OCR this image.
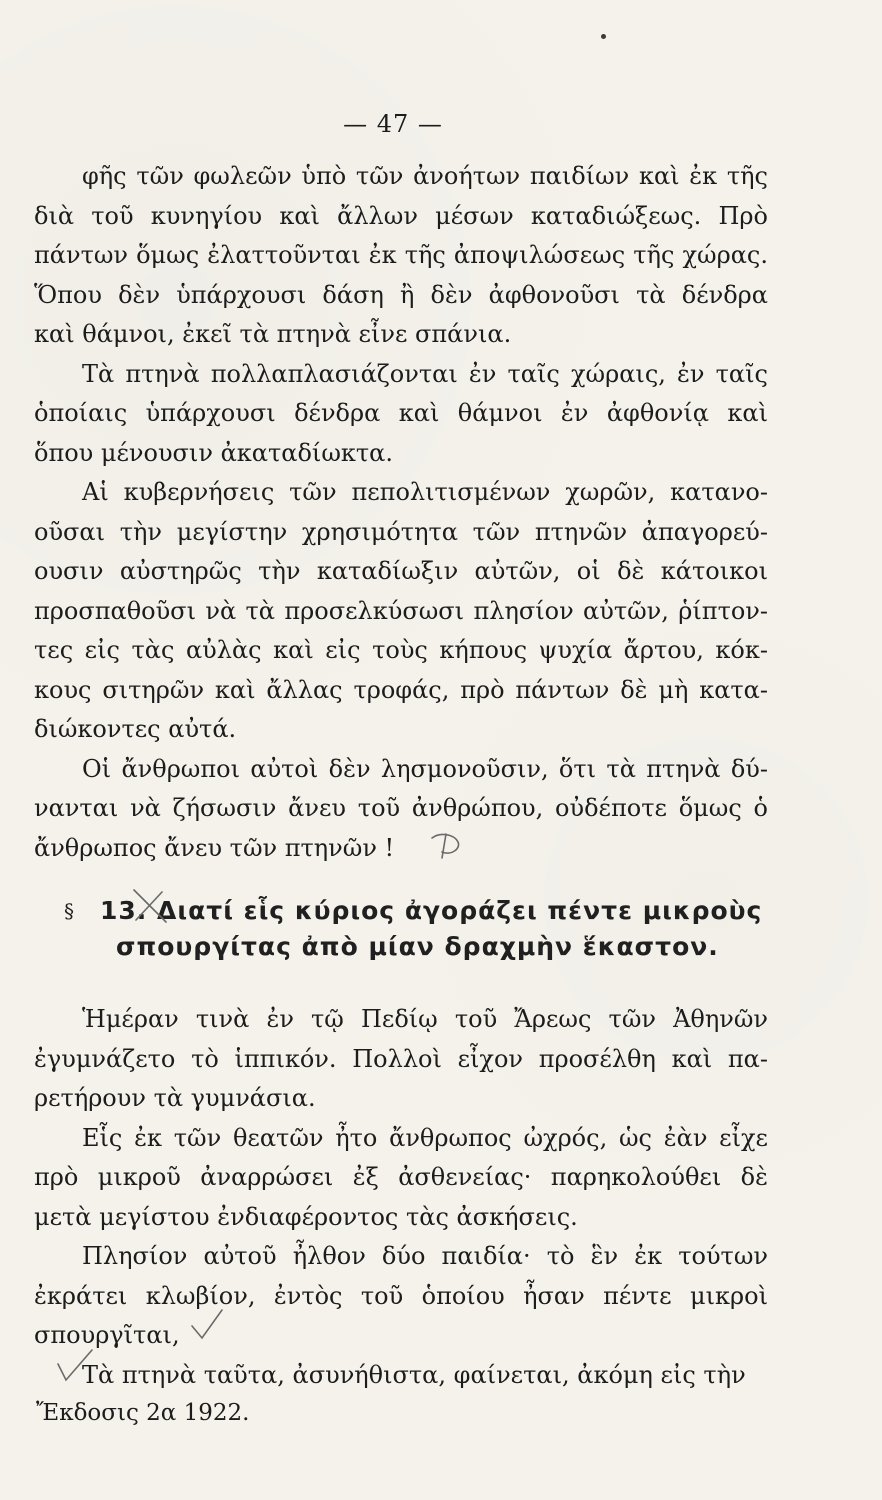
— 47 —
φῆς τῶν φωλεῶν ὑπὸ τῶν ἀνοήτων παιδίων καὶ ἐκ τῆς
διὰ τοῦ κυνηγίου καὶ ἄλλων μέσων καταδιώξεως. Πρὸ
πάντων ὅμως ἐλαττοῦνται ἐκ τῆς ἀποψιλώσεως τῆς χώρας.
Ὅπου δὲν ὑπάρχουσι δάση ἢ δὲν ἀφθονοῦσι τὰ δένδρα
καὶ θάμνοι, ἐκεῖ τὰ πτηνὰ εἶνε σπάνια.
Τὰ πτηνὰ πολλαπλασιάζονται ἐν ταῖς χώραις, ἐν ταῖς
ὁποίαις ὑπάρχουσι δένδρα καὶ θάμνοι ἐν ἀφθονίᾳ καὶ
ὅπου μένουσιν ἀκαταδίωκτα.
Αἱ κυβερνήσεις τῶν πεπολιτισμένων χωρῶν, κατανο-
οῦσαι τὴν μεγίστην χρησιμότητα τῶν πτηνῶν ἀπαγορεύ-
ουσιν αὐστηρῶς τὴν καταδίωξιν αὐτῶν, οἱ δὲ κάτοικοι
προσπαθοῦσι νὰ τὰ προσελκύσωσι πλησίον αὐτῶν, ῥίπτον-
τες εἰς τὰς αὐλὰς καὶ εἰς τοὺς κήπους ψυχία ἄρτου, κόκ-
κους σιτηρῶν καὶ ἄλλας τροφάς, πρὸ πάντων δὲ μὴ κατα-
διώκοντες αὐτά.
Οἱ ἄνθρωποι αὐτοὶ δὲν λησμονοῦσιν, ὅτι τὰ πτηνὰ δύ-
νανται νὰ ζήσωσιν ἄνευ τοῦ ἀνθρώπου, οὐδέποτε ὅμως ὁ
ἄνθρωπος ἄνευ τῶν πτηνῶν !
§	13. Διατί εἷς κύριος ἀγοράζει πέντε μικροὺς
σπουργίτας ἀπὸ μίαν δραχμὴν ἕκαστον.
Ἡμέραν τινὰ ἐν τῷ Πεδίῳ τοῦ Ἄρεως τῶν Ἀθηνῶν
ἐγυμνάζετο τὸ ἱππικόν. Πολλοὶ εἶχον προσέλθη καὶ πα-
ρετήρουν τὰ γυμνάσια.
Εἷς ἐκ τῶν θεατῶν ἦτο ἄνθρωπος ὠχρός, ὡς ἐὰν εἶχε
πρὸ μικροῦ ἀναρρώσει ἐξ ἀσθενείας· παρηκολούθει δὲ
μετὰ μεγίστου ἐνδιαφέροντος τὰς ἀσκήσεις.
Πλησίον αὐτοῦ ἦλθον δύο παιδία· τὸ ἓν ἐκ τούτων
ἐκράτει κλωβίον, ἐντὸς τοῦ ὁποίου ἦσαν πέντε μικροὶ
σπουργῖται,
Τὰ πτηνὰ ταῦτα, ἀσυνήθιστα, φαίνεται, ἀκόμη εἰς τὴν
Ἔκδοσις 2α 1922.
